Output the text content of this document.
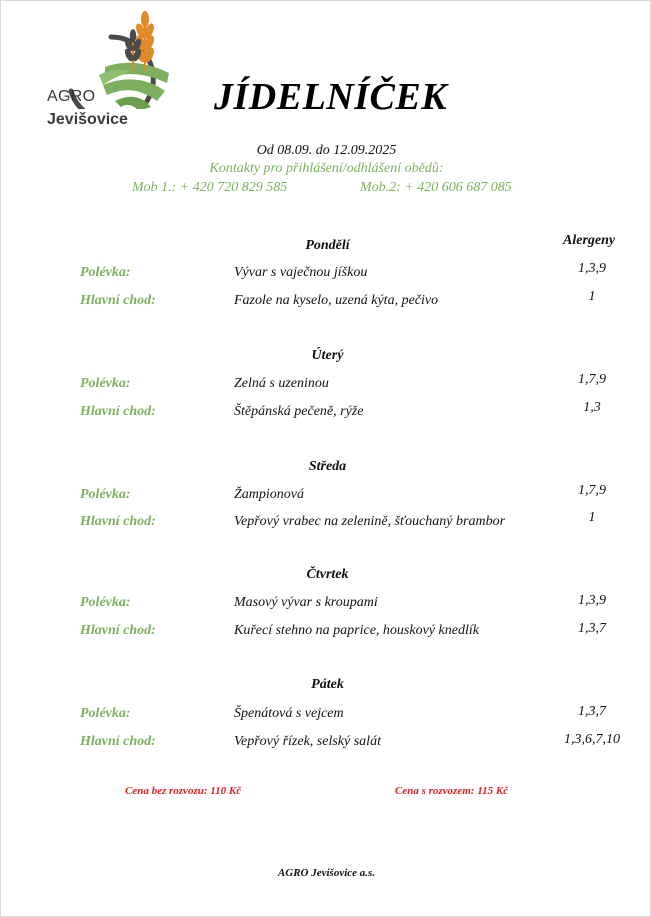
AGRO
Jevišovice
JÍDELNÍČEK
Od 08.09. do 12.09.2025
Kontakty pro přihlášení/odhlášení obědů:
Mob 1.: + 420 720 829 585	Mob.2: + 420 606 687 085
Alergeny
Pondělí
Polévka:	Vývar s vaječnou jíškou	1,3,9
Hlavní chod:	Fazole na kyselo, uzená kýta, pečivo	1
Úterý
Polévka:	Zelná s uzeninou	1,7,9
Hlavní chod:	Štěpánská pečeně, rýže	1,3
Středa
Polévka:	Žampionová	1,7,9
Hlavní chod:	Vepřový vrabec na zelenině, šťouchaný brambor	1
Čtvrtek
Polévka:	Masový vývar s kroupami	1,3,9
Hlavní chod:	Kuřecí stehno na paprice, houskový knedlík	1,3,7
Pátek
Polévka:	Špenátová s vejcem	1,3,7
Hlavní chod:	Vepřový řízek, selský salát	1,3,6,7,10
Cena bez rozvozu: 110 Kč	Cena s rozvozem: 115 Kč
AGRO Jevišovice a.s.
